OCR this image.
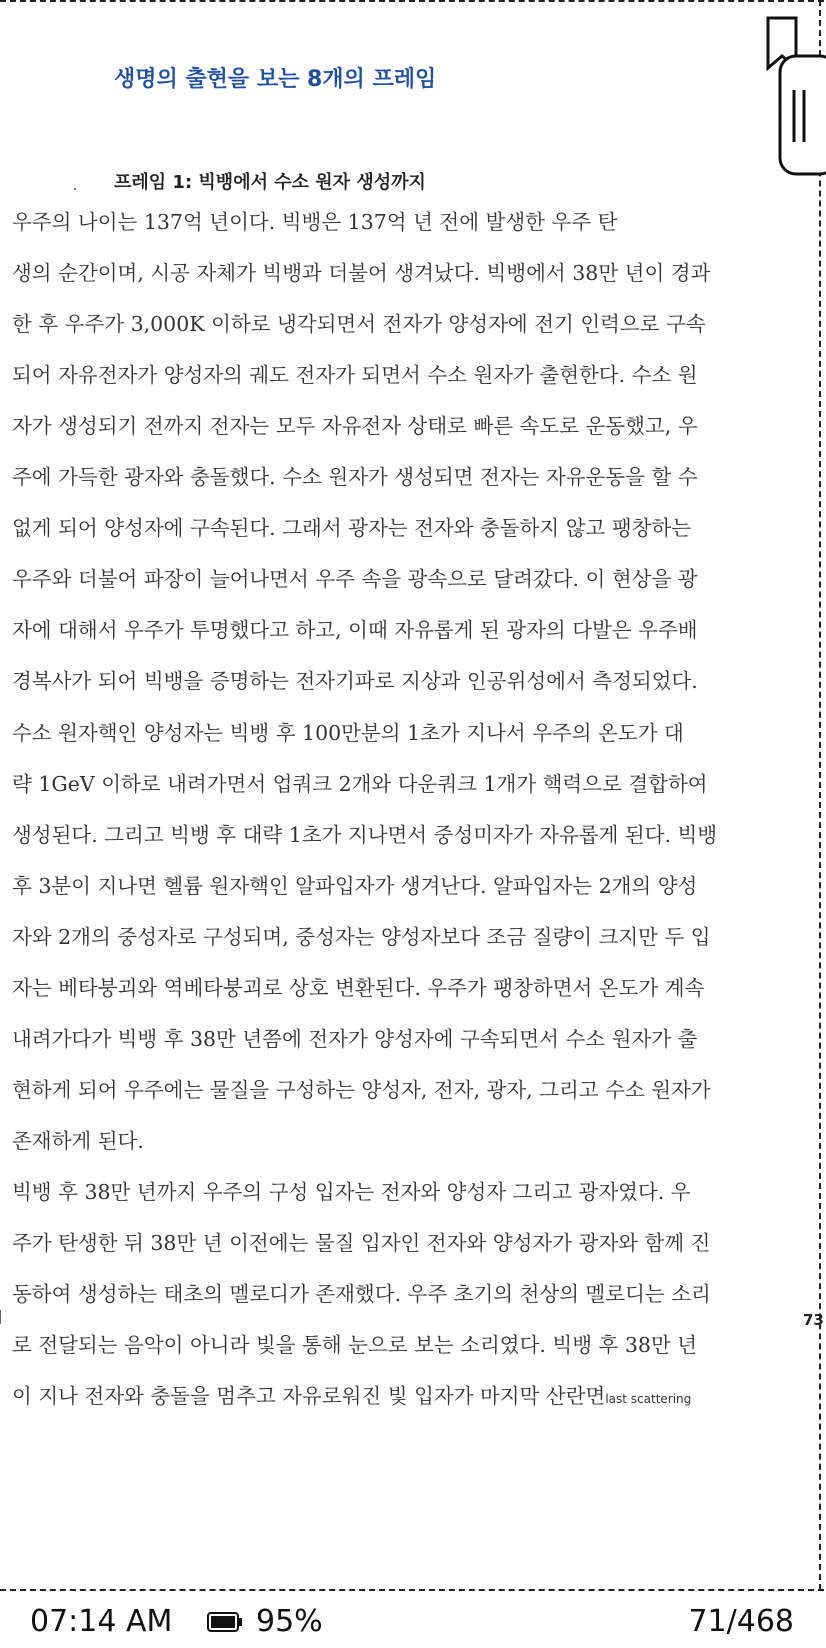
생명의 출현을 보는 8개의 프레임
프레임 1: 빅뱅에서 수소 원자 생성까지
우주의 나이는 137억 년이다. 빅뱅은 137억 년 전에 발생한 우주 탄
생의 순간이며, 시공 자체가 빅뱅과 더불어 생겨났다. 빅뱅에서 38만 년이 경과
한 후 우주가 3,000K 이하로 냉각되면서 전자가 양성자에 전기 인력으로 구속
되어 자유전자가 양성자의 궤도 전자가 되면서 수소 원자가 출현한다. 수소 원
자가 생성되기 전까지 전자는 모두 자유전자 상태로 빠른 속도로 운동했고, 우
주에 가득한 광자와 충돌했다. 수소 원자가 생성되면 전자는 자유운동을 할 수
없게 되어 양성자에 구속된다. 그래서 광자는 전자와 충돌하지 않고 팽창하는
우주와 더불어 파장이 늘어나면서 우주 속을 광속으로 달려갔다. 이 현상을 광
자에 대해서 우주가 투명했다고 하고, 이때 자유롭게 된 광자의 다발은 우주배
경복사가 되어 빅뱅을 증명하는 전자기파로 지상과 인공위성에서 측정되었다.
수소 원자핵인 양성자는 빅뱅 후 100만분의 1초가 지나서 우주의 온도가 대
략 1GeV 이하로 내려가면서 업쿼크 2개와 다운쿼크 1개가 핵력으로 결합하여
생성된다. 그리고 빅뱅 후 대략 1초가 지나면서 중성미자가 자유롭게 된다. 빅뱅
후 3분이 지나면 헬륨 원자핵인 알파입자가 생겨난다. 알파입자는 2개의 양성
자와 2개의 중성자로 구성되며, 중성자는 양성자보다 조금 질량이 크지만 두 입
자는 베타붕괴와 역베타붕괴로 상호 변환된다. 우주가 팽창하면서 온도가 계속
내려가다가 빅뱅 후 38만 년쯤에 전자가 양성자에 구속되면서 수소 원자가 출
현하게 되어 우주에는 물질을 구성하는 양성자, 전자, 광자, 그리고 수소 원자가
존재하게 된다.
빅뱅 후 38만 년까지 우주의 구성 입자는 전자와 양성자 그리고 광자였다. 우
주가 탄생한 뒤 38만 년 이전에는 물질 입자인 전자와 양성자가 광자와 함께 진
동하여 생성하는 태초의 멜로디가 존재했다. 우주 초기의 천상의 멜로디는 소리
로 전달되는 음악이 아니라 빛을 통해 눈으로 보는 소리였다. 빅뱅 후 38만 년
이 지나 전자와 충돌을 멈추고 자유로워진 빛 입자가 마지막 산란면last scattering
73
07:14 AM	95%	71/468
